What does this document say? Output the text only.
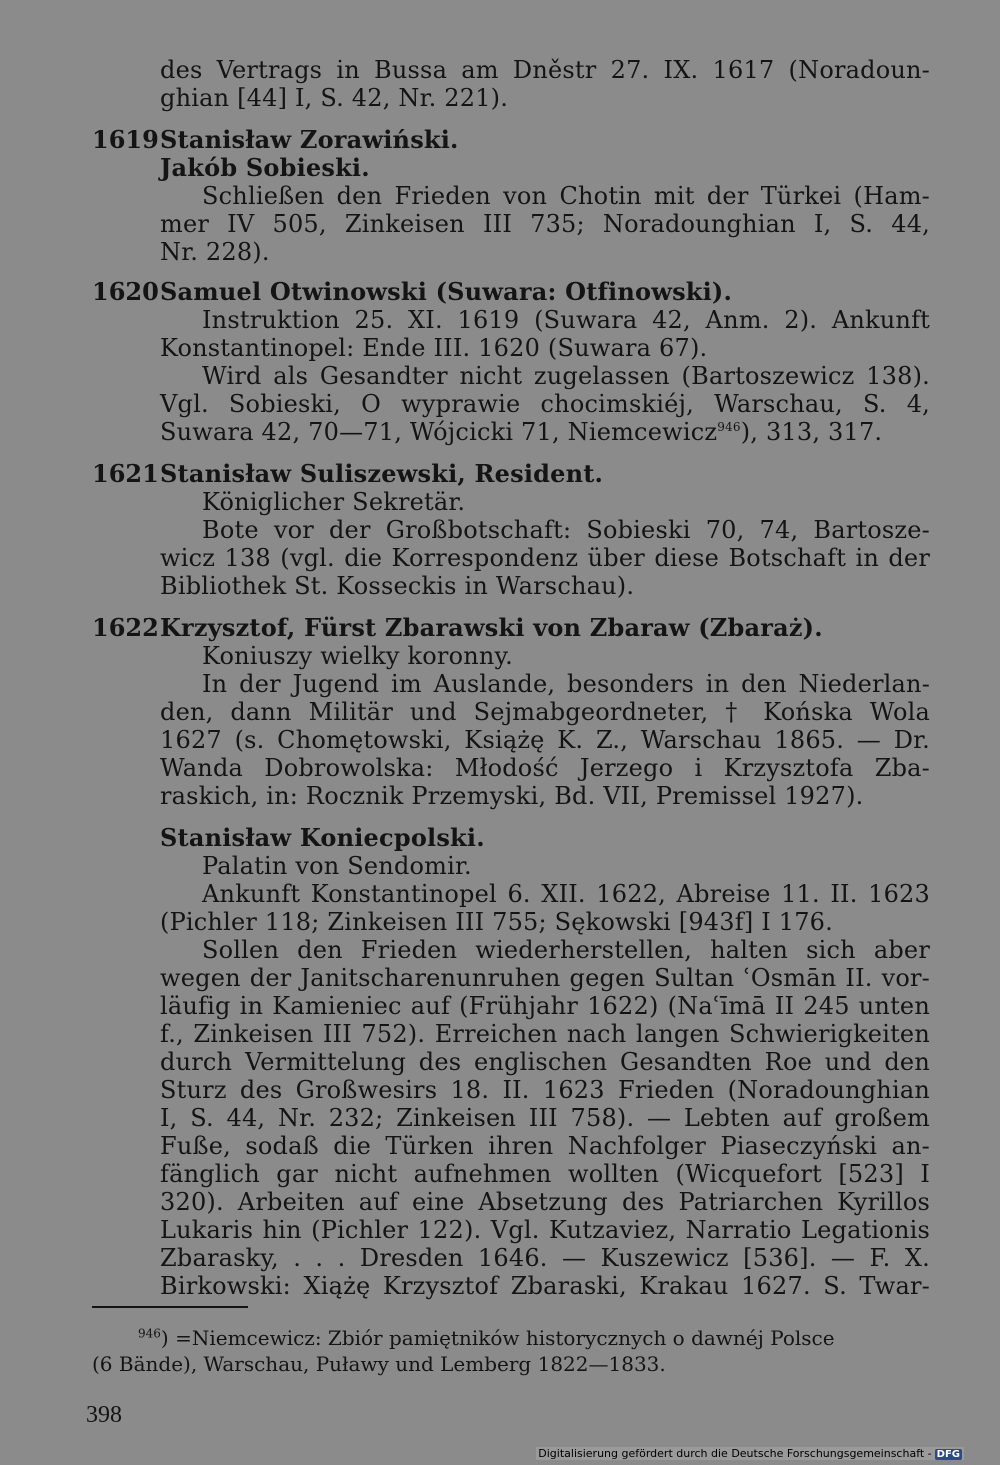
des Vertrags in Bussa am Dněstr 27. IX. 1617 (Noradoun-
ghian [44] I, S. 42, Nr. 221).
1619 Stanisław Zorawiński.
Jakób Sobieski.
Schließen den Frieden von Chotin mit der Türkei (Ham-
mer IV 505, Zinkeisen III 735; Noradounghian I, S. 44,
Nr. 228).
1620 Samuel Otwinowski (Suwara: Otfinowski).
Instruktion 25. XI. 1619 (Suwara 42, Anm. 2). Ankunft
Konstantinopel: Ende III. 1620 (Suwara 67).
Wird als Gesandter nicht zugelassen (Bartoszewicz 138).
Vgl. Sobieski, O wyprawie chocimskiéj, Warschau, S. 4,
Suwara 42, 70—71, Wójcicki 71, Niemcewicz$^{946}$), 313, 317.
1621 Stanisław Suliszewski, Resident.
Königlicher Sekretär.
Bote vor der Großbotschaft: Sobieski 70, 74, Bartosze-
wicz 138 (vgl. die Korrespondenz über diese Botschaft in der
Bibliothek St. Kosseckis in Warschau).
1622 Krzysztof, Fürst Zbarawski von Zbaraw (Zbaraż).
Koniuszy wielky koronny.
In der Jugend im Auslande, besonders in den Niederlan-
den, dann Militär und Sejmabgeordneter, † Końska Wola
1627 (s. Chomętowski, Książę K. Z., Warschau 1865. — Dr.
Wanda Dobrowolska: Młodość Jerzego i Krzysztofa Zba-
raskich, in: Rocznik Przemyski, Bd. VII, Premissel 1927).
Stanisław Koniecpolski.
Palatin von Sendomir.
Ankunft Konstantinopel 6. XII. 1622, Abreise 11. II. 1623
(Pichler 118; Zinkeisen III 755; Sękowski [943f] I 176.
Sollen den Frieden wiederherstellen, halten sich aber
wegen der Janitscharenunruhen gegen Sultan ʿOsmān II. vor-
läufig in Kamieniec auf (Frühjahr 1622) (Naʿīmā II 245 unten
f., Zinkeisen III 752). Erreichen nach langen Schwierigkeiten
durch Vermittelung des englischen Gesandten Roe und den
Sturz des Großwesirs 18. II. 1623 Frieden (Noradounghian
I, S. 44, Nr. 232; Zinkeisen III 758). — Lebten auf großem
Fuße, sodaß die Türken ihren Nachfolger Piaseczyński an-
fänglich gar nicht aufnehmen wollten (Wicquefort [523] I
320). Arbeiten auf eine Absetzung des Patriarchen Kyrillos
Lukaris hin (Pichler 122). Vgl. Kutzaviez, Narratio Legationis
Zbarasky, . . . Dresden 1646. — Kuszewicz [536]. — F. X.
Birkowski: Xiążę Krzysztof Zbaraski, Krakau 1627. S. Twar-
$^{946}$) =Niemcewicz: Zbiór pamiętników historycznych o dawnéj Polsce
(6 Bände), Warschau, Puławy und Lemberg 1822—1833.
398
Digitalisierung gefördert durch die Deutsche Forschungsgemeinschaft - DFG
